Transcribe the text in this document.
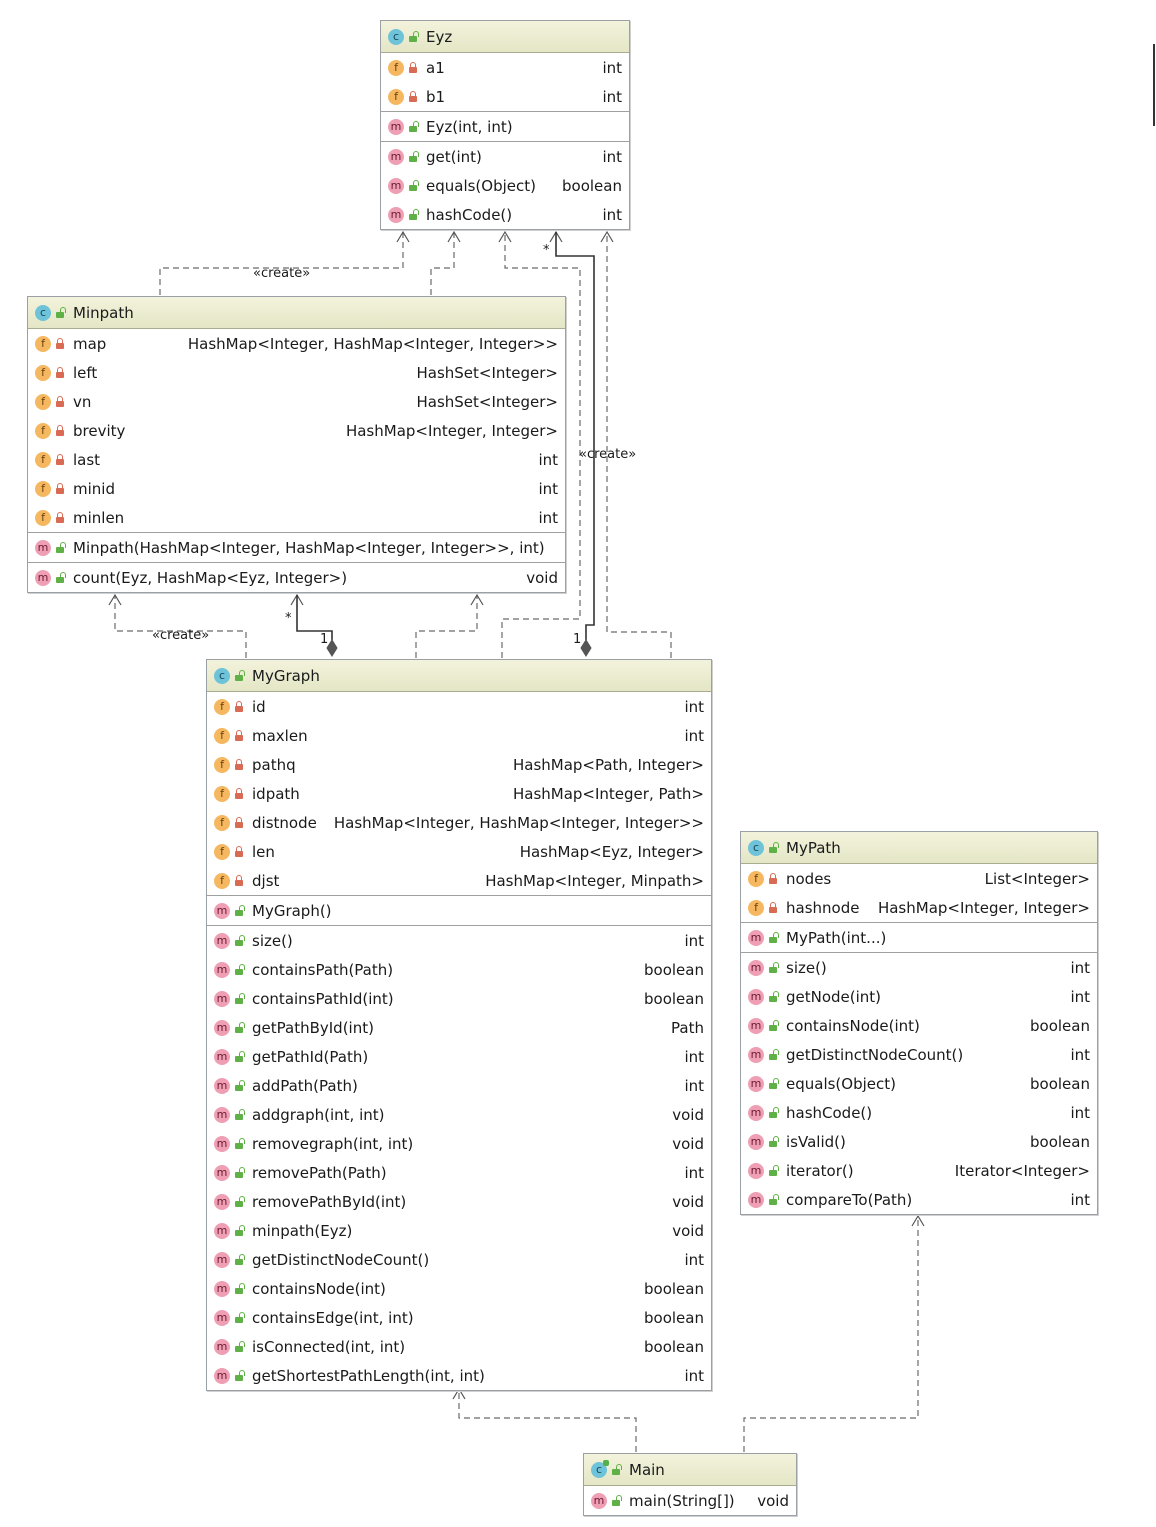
«create»
«create»
«create»
*
1
*
1
c	Eyz
f	a1	int
f	b1	int
m Eyz(int, int)
m get(int)	int
m equals(Object)	boolean
m hashCode()	int
c	Minpath
f	map	HashMap<Integer, HashMap<Integer, Integer>>
f	left	HashSet<Integer>
f	vn	HashSet<Integer>
f	brevity	HashMap<Integer, Integer>
f	last	int
f	minid	int
f	minlen	int
m Minpath(HashMap<Integer, HashMap<Integer, Integer>>, int)
m count(Eyz, HashMap<Eyz, Integer>)	void
c	MyGraph
f	id	int
f	maxlen	int
f	pathq	HashMap<Path, Integer>
f	idpath	HashMap<Integer, Path>
f	distnode	HashMap<Integer, HashMap<Integer, Integer>>
f	len	HashMap<Eyz, Integer>
f	djst	HashMap<Integer, Minpath>
m MyGraph()
m size()	int
m containsPath(Path)	boolean
m containsPathId(int)	boolean
m getPathById(int)	Path
m getPathId(Path)	int
m addPath(Path)	int
m addgraph(int, int)	void
m removegraph(int, int)	void
m removePath(Path)	int
m removePathById(int)	void
m minpath(Eyz)	void
m getDistinctNodeCount()	int
m containsNode(int)	boolean
m containsEdge(int, int)	boolean
m isConnected(int, int)	boolean
m getShortestPathLength(int, int)	int
c	MyPath
f	nodes	List<Integer>
f	hashnode	HashMap<Integer, Integer>
m MyPath(int...)
m size()	int
m getNode(int)	int
m containsNode(int)	boolean
m getDistinctNodeCount()	int
m equals(Object)	boolean
m hashCode()	int
m isValid()	boolean
m iterator()	Iterator<Integer>
m compareTo(Path)	int
c	Main
m main(String[])	void
